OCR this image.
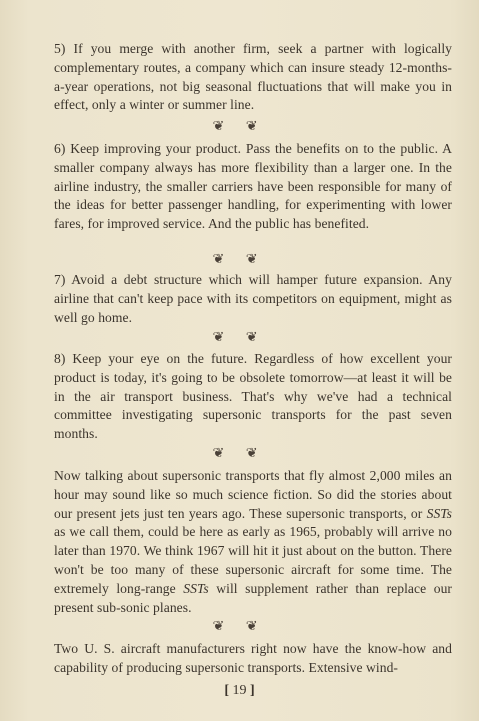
5) If you merge with another firm, seek a partner with logically complementary routes, a company which can insure steady 12-months-a-year operations, not big seasonal fluctuations that will make you in effect, only a winter or summer line.

❦ ❦

6) Keep improving your product. Pass the benefits on to the public. A smaller company always has more flexibility than a larger one. In the airline industry, the smaller carriers have been responsible for many of the ideas for better passenger handling, for experimenting with lower fares, for improved service. And the public has benefited.

❦ ❦

7) Avoid a debt structure which will hamper future expansion. Any airline that can't keep pace with its competitors on equipment, might as well go home.

❦ ❦

8) Keep your eye on the future. Regardless of how excellent your product is today, it's going to be obsolete tomorrow—at least it will be in the air transport business. That's why we've had a technical committee investigating supersonic transports for the past seven months.

❦ ❦

Now talking about supersonic transports that fly almost 2,000 miles an hour may sound like so much science fiction. So did the stories about our present jets just ten years ago. These supersonic transports, or SSTs as we call them, could be here as early as 1965, probably will arrive no later than 1970. We think 1967 will hit it just about on the button. There won't be too many of these supersonic aircraft for some time. The extremely long-range SSTs will supplement rather than replace our present sub-sonic planes.

❦ ❦

Two U. S. aircraft manufacturers right now have the know-how and capability of producing supersonic transports. Extensive wind-

[ 19 ]
